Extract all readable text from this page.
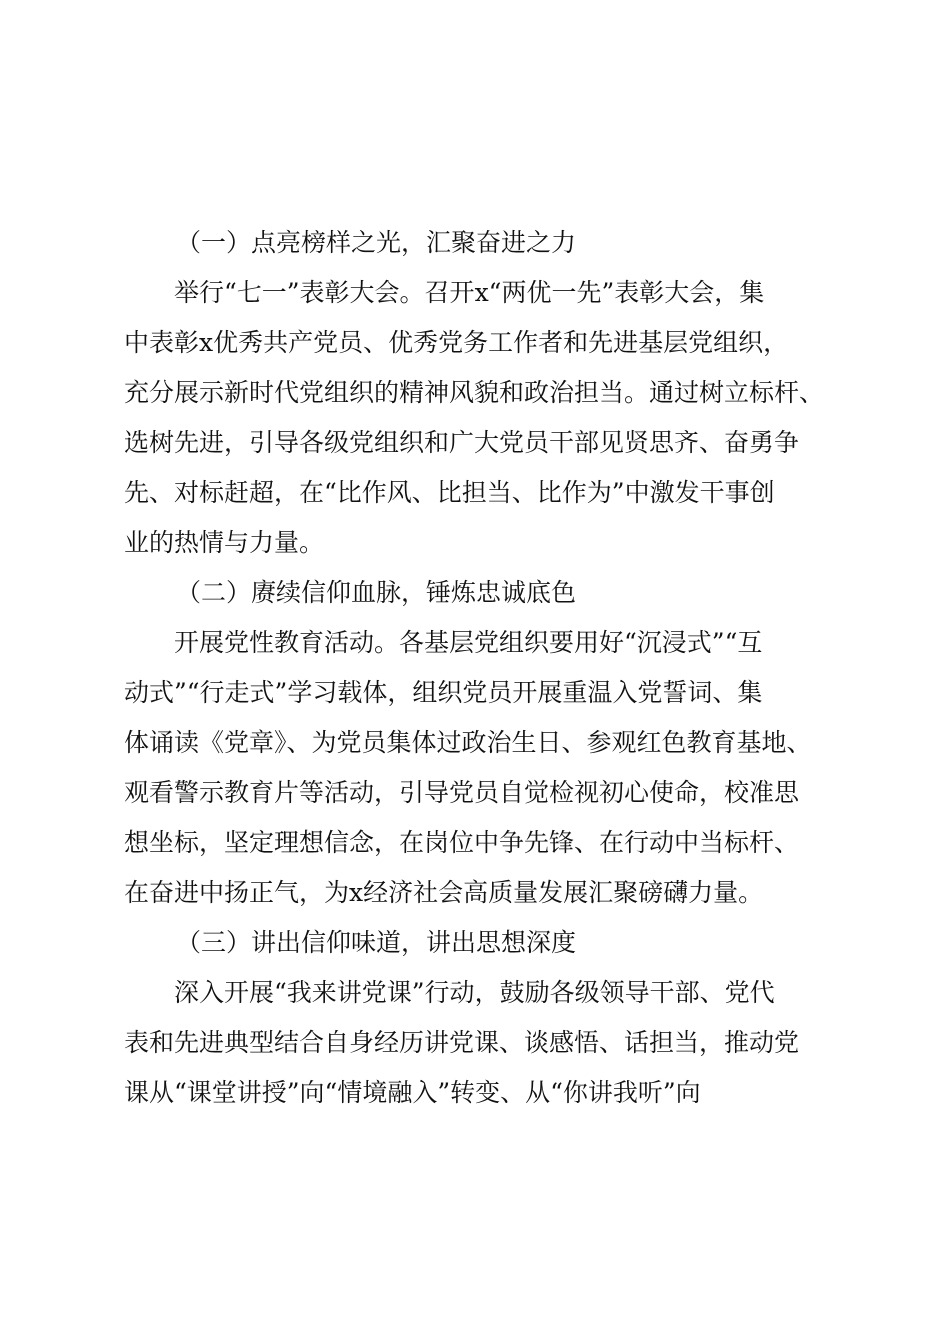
（一）点亮榜样之光，汇聚奋进之力
举行“七一”表彰大会。召开x“两优一先”表彰大会，集
中表彰x优秀共产党员、优秀党务工作者和先进基层党组织，
充分展示新时代党组织的精神风貌和政治担当。通过树立标杆、
选树先进，引导各级党组织和广大党员干部见贤思齐、奋勇争
先、对标赶超，在“比作风、比担当、比作为”中激发干事创
业的热情与力量。
（二）赓续信仰血脉，锤炼忠诚底色
开展党性教育活动。各基层党组织要用好“沉浸式”“互
动式”“行走式”学习载体，组织党员开展重温入党誓词、集
体诵读《党章》、为党员集体过政治生日、参观红色教育基地、
观看警示教育片等活动，引导党员自觉检视初心使命，校准思
想坐标，坚定理想信念，在岗位中争先锋、在行动中当标杆、
在奋进中扬正气，为x经济社会高质量发展汇聚磅礴力量。
（三）讲出信仰味道，讲出思想深度
深入开展“我来讲党课”行动，鼓励各级领导干部、党代
表和先进典型结合自身经历讲党课、谈感悟、话担当，推动党
课从“课堂讲授”向“情境融入”转变、从“你讲我听”向
